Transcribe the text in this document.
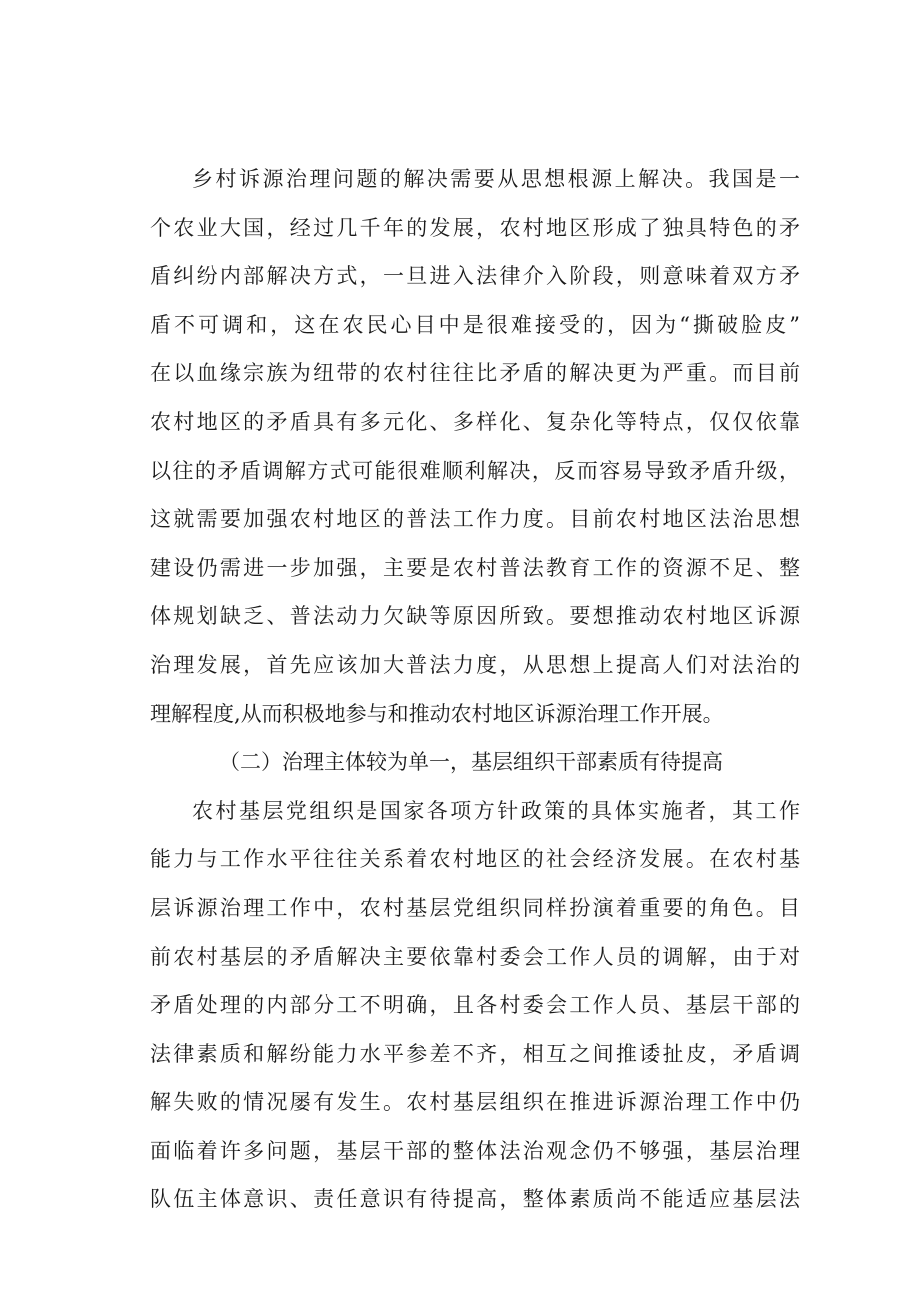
乡村诉源治理问题的解决需要从思想根源上解决。我国是一
个农业大国，经过几千年的发展，农村地区形成了独具特色的矛
盾纠纷内部解决方式，一旦进入法律介入阶段，则意味着双方矛
盾不可调和，这在农民心目中是很难接受的，因为“撕破脸皮”
在以血缘宗族为纽带的农村往往比矛盾的解决更为严重。而目前
农村地区的矛盾具有多元化、多样化、复杂化等特点，仅仅依靠
以往的矛盾调解方式可能很难顺利解决，反而容易导致矛盾升级，
这就需要加强农村地区的普法工作力度。目前农村地区法治思想
建设仍需进一步加强，主要是农村普法教育工作的资源不足、整
体规划缺乏、普法动力欠缺等原因所致。要想推动农村地区诉源
治理发展，首先应该加大普法力度，从思想上提高人们对法治的
理解程度,从而积极地参与和推动农村地区诉源治理工作开展。
（二）治理主体较为单一，基层组织干部素质有待提高
农村基层党组织是国家各项方针政策的具体实施者，其工作
能力与工作水平往往关系着农村地区的社会经济发展。在农村基
层诉源治理工作中，农村基层党组织同样扮演着重要的角色。目
前农村基层的矛盾解决主要依靠村委会工作人员的调解，由于对
矛盾处理的内部分工不明确，且各村委会工作人员、基层干部的
法律素质和解纷能力水平参差不齐，相互之间推诿扯皮，矛盾调
解失败的情况屡有发生。农村基层组织在推进诉源治理工作中仍
面临着许多问题，基层干部的整体法治观念仍不够强，基层治理
队伍主体意识、责任意识有待提高，整体素质尚不能适应基层法
